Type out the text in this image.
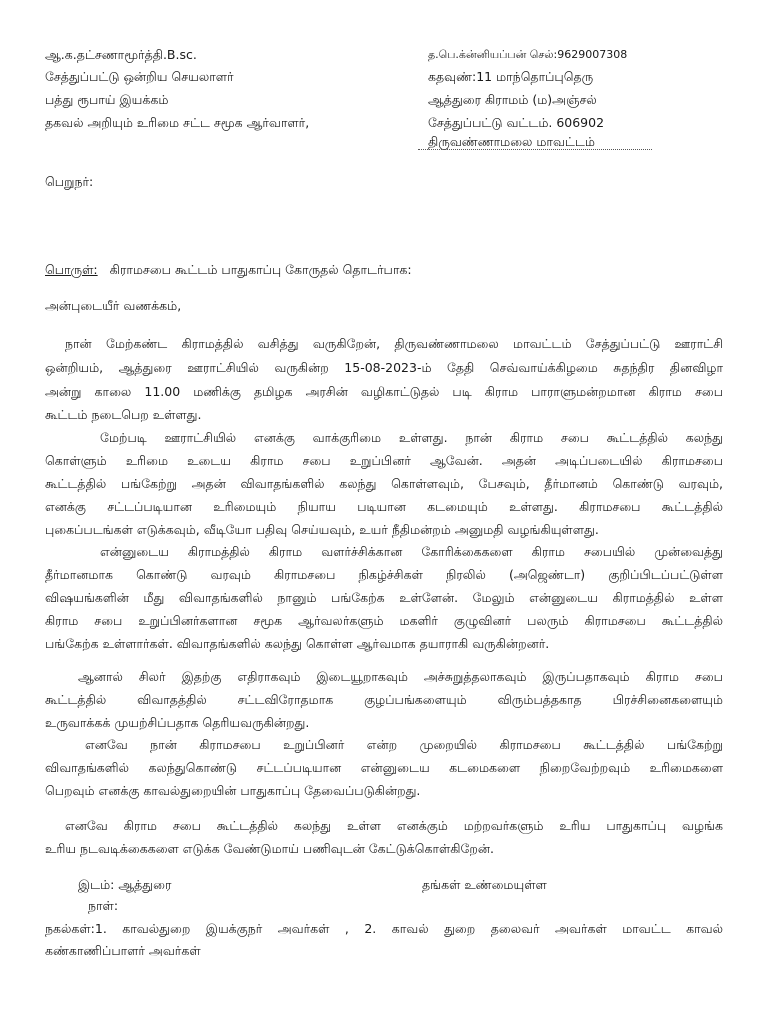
ஆ.க.தட்சணாமூர்த்தி.B.sc.
சேத்துப்பட்டு ஒன்றிய செயலாளர்
பத்து ரூபாய் இயக்கம்
தகவல் அறியும் உரிமை சட்ட சமூக ஆர்வாளர்,
த.பெ.க்ன்னியப்பன் செல்:9629007308
கதவுண்:11 மாந்தொப்புதெரு
ஆத்துரை கிராமம் (ம)அஞ்சல்
சேத்துப்பட்டு வட்டம். 606902
திருவண்ணாமலை மாவட்டம்
பெறுநர்:
பொருள்: கிராமசபை கூட்டம் பாதுகாப்பு கோருதல் தொடர்பாக:
அன்புடையீர் வணக்கம்,
நான் மேற்கண்ட கிராமத்தில் வசித்து வருகிறேன், திருவண்ணாமலை மாவட்டம் சேத்துப்பட்டு ஊராட்சி
ஒன்றியம், ஆத்துரை ஊராட்சியில் வருகின்ற 15-08-2023-ம் தேதி செவ்வாய்க்கிழமை சுதந்திர தினவிழா
அன்று காலை 11.00 மணிக்கு தமிழக அரசின் வழிகாட்டுதல் படி கிராம பாராளுமன்றமான கிராம சபை
கூட்டம் நடைபெற உள்ளது.
மேற்படி ஊராட்சியில் எனக்கு வாக்குரிமை உள்ளது. நான் கிராம சபை கூட்டத்தில் கலந்து
கொள்ளும் உரிமை உடைய கிராம சபை உறுப்பினர் ஆவேன். அதன் அடிப்படையில் கிராமசபை
கூட்டத்தில் பங்கேற்று அதன் விவாதங்களில் கலந்து கொள்ளவும், பேசவும், தீர்மானம் கொண்டு வரவும்,
எனக்கு சட்டப்படியான உரிமையும் நியாய படியான கடமையும் உள்ளது. கிராமசபை கூட்டத்தில்
புகைப்படங்கள் எடுக்கவும், வீடியோ பதிவு செய்யவும், உயர் நீதிமன்றம் அனுமதி வழங்கியுள்ளது.
என்னுடைய கிராமத்தில் கிராம வளர்ச்சிக்கான கோரிக்கைகளை கிராம சபையில் முன்வைத்து
தீர்மானமாக கொண்டு வரவும் கிராமசபை நிகழ்ச்சிகள் நிரலில் (அஜெண்டா) குறிப்பிடப்பட்டுள்ள
விஷயங்களின் மீது விவாதங்களில் நானும் பங்கேற்க உள்ளேன். மேலும் என்னுடைய கிராமத்தில் உள்ள
கிராம சபை உறுப்பினர்களான சமூக ஆர்வலர்களும் மகளிர் குழுவினர் பலரும் கிராமசபை கூட்டத்தில்
பங்கேற்க உள்ளார்கள். விவாதங்களில் கலந்து கொள்ள ஆர்வமாக தயாராகி வருகின்றனர்.
ஆனால் சிலர் இதற்கு எதிராகவும் இடையூறாகவும் அச்சுறுத்தலாகவும் இருப்பதாகவும் கிராம சபை
கூட்டத்தில் விவாதத்தில் சட்டவிரோதமாக குழப்பங்களையும் விரும்பத்தகாத பிரச்சினைகளையும்
உருவாக்கக் முயற்சிப்பதாக தெரியவருகின்றது.
எனவே நான் கிராமசபை உறுப்பினர் என்ற முறையில் கிராமசபை கூட்டத்தில் பங்கேற்று
விவாதங்களில் கலந்துகொண்டு சட்டப்படியான என்னுடைய கடமைகளை நிறைவேற்றவும் உரிமைகளை
பெறவும் எனக்கு காவல்துறையின் பாதுகாப்பு தேவைப்படுகின்றது.
எனவே கிராம சபை கூட்டத்தில் கலந்து உள்ள எனக்கும் மற்றவர்களும் உரிய பாதுகாப்பு வழங்க
உரிய நடவடிக்கைகளை எடுக்க வேண்டுமாய் பணிவுடன் கேட்டுக்கொள்கிறேன்.
இடம்: ஆத்துரை	தங்கள் உண்மையுள்ள
நாள்:
நகல்கள்:1. காவல்துறை இயக்குநர் அவர்கள் , 2. காவல் துறை தலைவர் அவர்கள் மாவட்ட காவல்
கண்காணிப்பாளர் அவர்கள்
